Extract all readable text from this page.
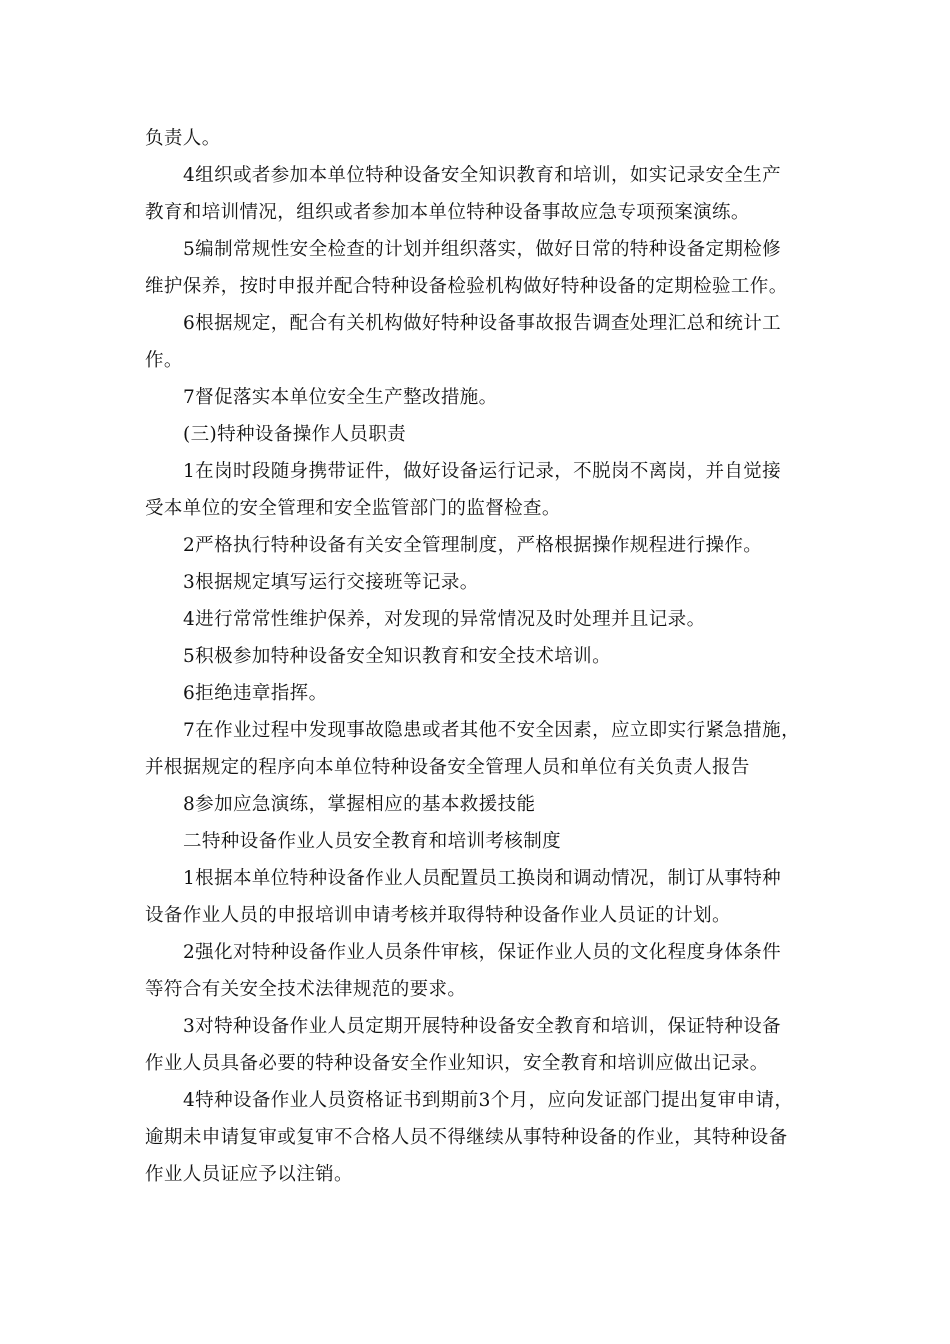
负责人。
4组织或者参加本单位特种设备安全知识教育和培训，如实记录安全生产
教育和培训情况，组织或者参加本单位特种设备事故应急专项预案演练。
5编制常规性安全检查的计划并组织落实，做好日常的特种设备定期检修
维护保养，按时申报并配合特种设备检验机构做好特种设备的定期检验工作。
6根据规定，配合有关机构做好特种设备事故报告调查处理汇总和统计工
作。
7督促落实本单位安全生产整改措施。
(三)特种设备操作人员职责
1在岗时段随身携带证件，做好设备运行记录，不脱岗不离岗，并自觉接
受本单位的安全管理和安全监管部门的监督检查。
2严格执行特种设备有关安全管理制度，严格根据操作规程进行操作。
3根据规定填写运行交接班等记录。
4进行常常性维护保养，对发现的异常情况及时处理并且记录。
5积极参加特种设备安全知识教育和安全技术培训。
6拒绝违章指挥。
7在作业过程中发现事故隐患或者其他不安全因素，应立即实行紧急措施，
并根据规定的程序向本单位特种设备安全管理人员和单位有关负责人报告
8参加应急演练，掌握相应的基本救援技能
二特种设备作业人员安全教育和培训考核制度
1根据本单位特种设备作业人员配置员工换岗和调动情况，制订从事特种
设备作业人员的申报培训申请考核并取得特种设备作业人员证的计划。
2强化对特种设备作业人员条件审核，保证作业人员的文化程度身体条件
等符合有关安全技术法律规范的要求。
3对特种设备作业人员定期开展特种设备安全教育和培训，保证特种设备
作业人员具备必要的特种设备安全作业知识，安全教育和培训应做出记录。
4特种设备作业人员资格证书到期前3个月，应向发证部门提出复审申请，
逾期未申请复审或复审不合格人员不得继续从事特种设备的作业，其特种设备
作业人员证应予以注销。
